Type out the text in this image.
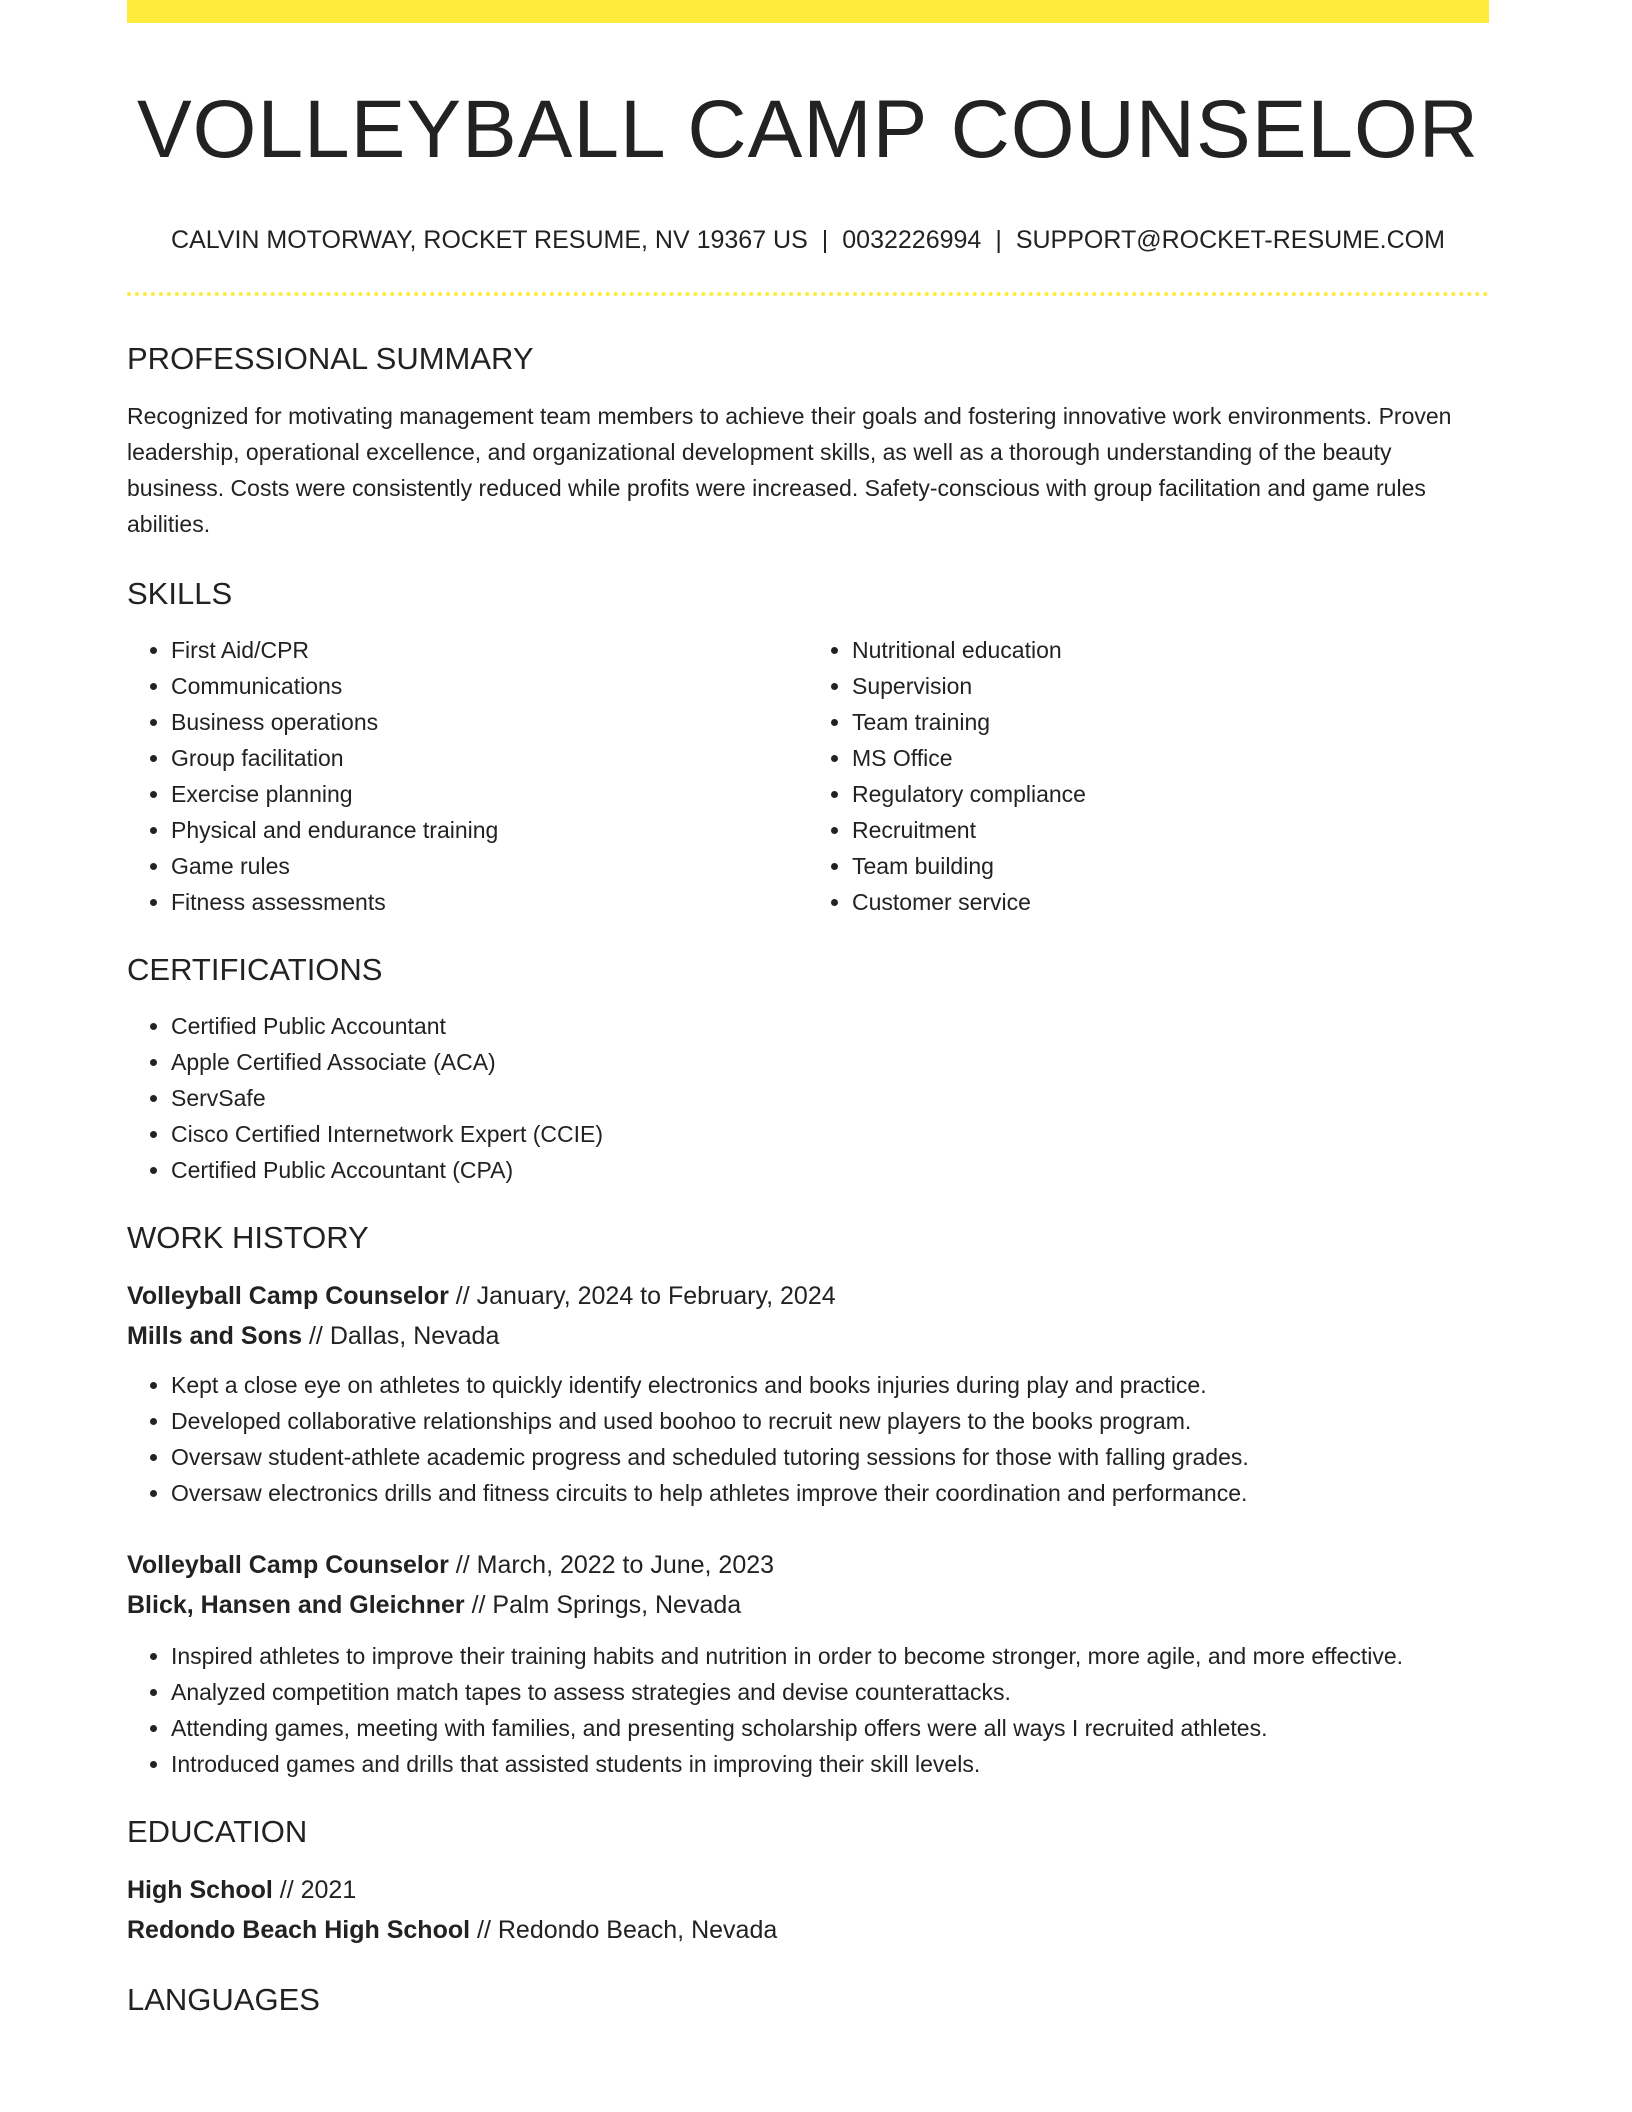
VOLLEYBALL CAMP COUNSELOR
CALVIN MOTORWAY, ROCKET RESUME, NV 19367 US | 0032226994 | SUPPORT@ROCKET-RESUME.COM
PROFESSIONAL SUMMARY

Recognized for motivating management team members to achieve their goals and fostering innovative work environments. Proven leadership, operational excellence, and organizational development skills, as well as a thorough understanding of the beauty business. Costs were consistently reduced while profits were increased. Safety-conscious with group facilitation and game rules abilities.

SKILLS
• First Aid/CPR
• Communications
• Business operations
• Group facilitation
• Exercise planning
• Physical and endurance training
• Game rules
• Fitness assessments
• Nutritional education
• Supervision
• Team training
• MS Office
• Regulatory compliance
• Recruitment
• Team building
• Customer service
CERTIFICATIONS
• Certified Public Accountant
• Apple Certified Associate (ACA)
• ServSafe
• Cisco Certified Internetwork Expert (CCIE)
• Certified Public Accountant (CPA)
WORK HISTORY
Volleyball Camp Counselor // January, 2024 to February, 2024
Mills and Sons // Dallas, Nevada
• Kept a close eye on athletes to quickly identify electronics and books injuries during play and practice.
• Developed collaborative relationships and used boohoo to recruit new players to the books program.
• Oversaw student-athlete academic progress and scheduled tutoring sessions for those with falling grades.
• Oversaw electronics drills and fitness circuits to help athletes improve their coordination and performance.
Volleyball Camp Counselor // March, 2022 to June, 2023
Blick, Hansen and Gleichner // Palm Springs, Nevada
• Inspired athletes to improve their training habits and nutrition in order to become stronger, more agile, and more effective.
• Analyzed competition match tapes to assess strategies and devise counterattacks.
• Attending games, meeting with families, and presenting scholarship offers were all ways I recruited athletes.
• Introduced games and drills that assisted students in improving their skill levels.
EDUCATION
High School // 2021
Redondo Beach High School // Redondo Beach, Nevada
LANGUAGES
